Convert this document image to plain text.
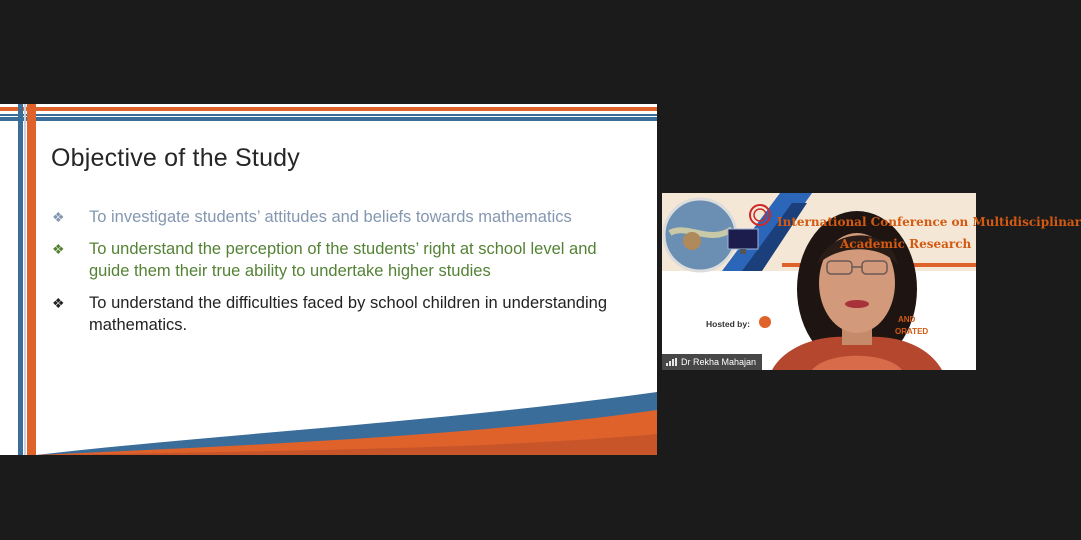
Objective of the Study
❖	To investigate students’ attitudes and beliefs towards mathematics
❖	To understand the perception of the students’ right at school level and guide them their true ability to undertake higher studies
❖	To understand the difficulties faced by school children in understanding mathematics.
International Conference on Multidisciplinar
Academic Research
Hosted by:	AND
ORATED
Dr Rekha Mahajan
